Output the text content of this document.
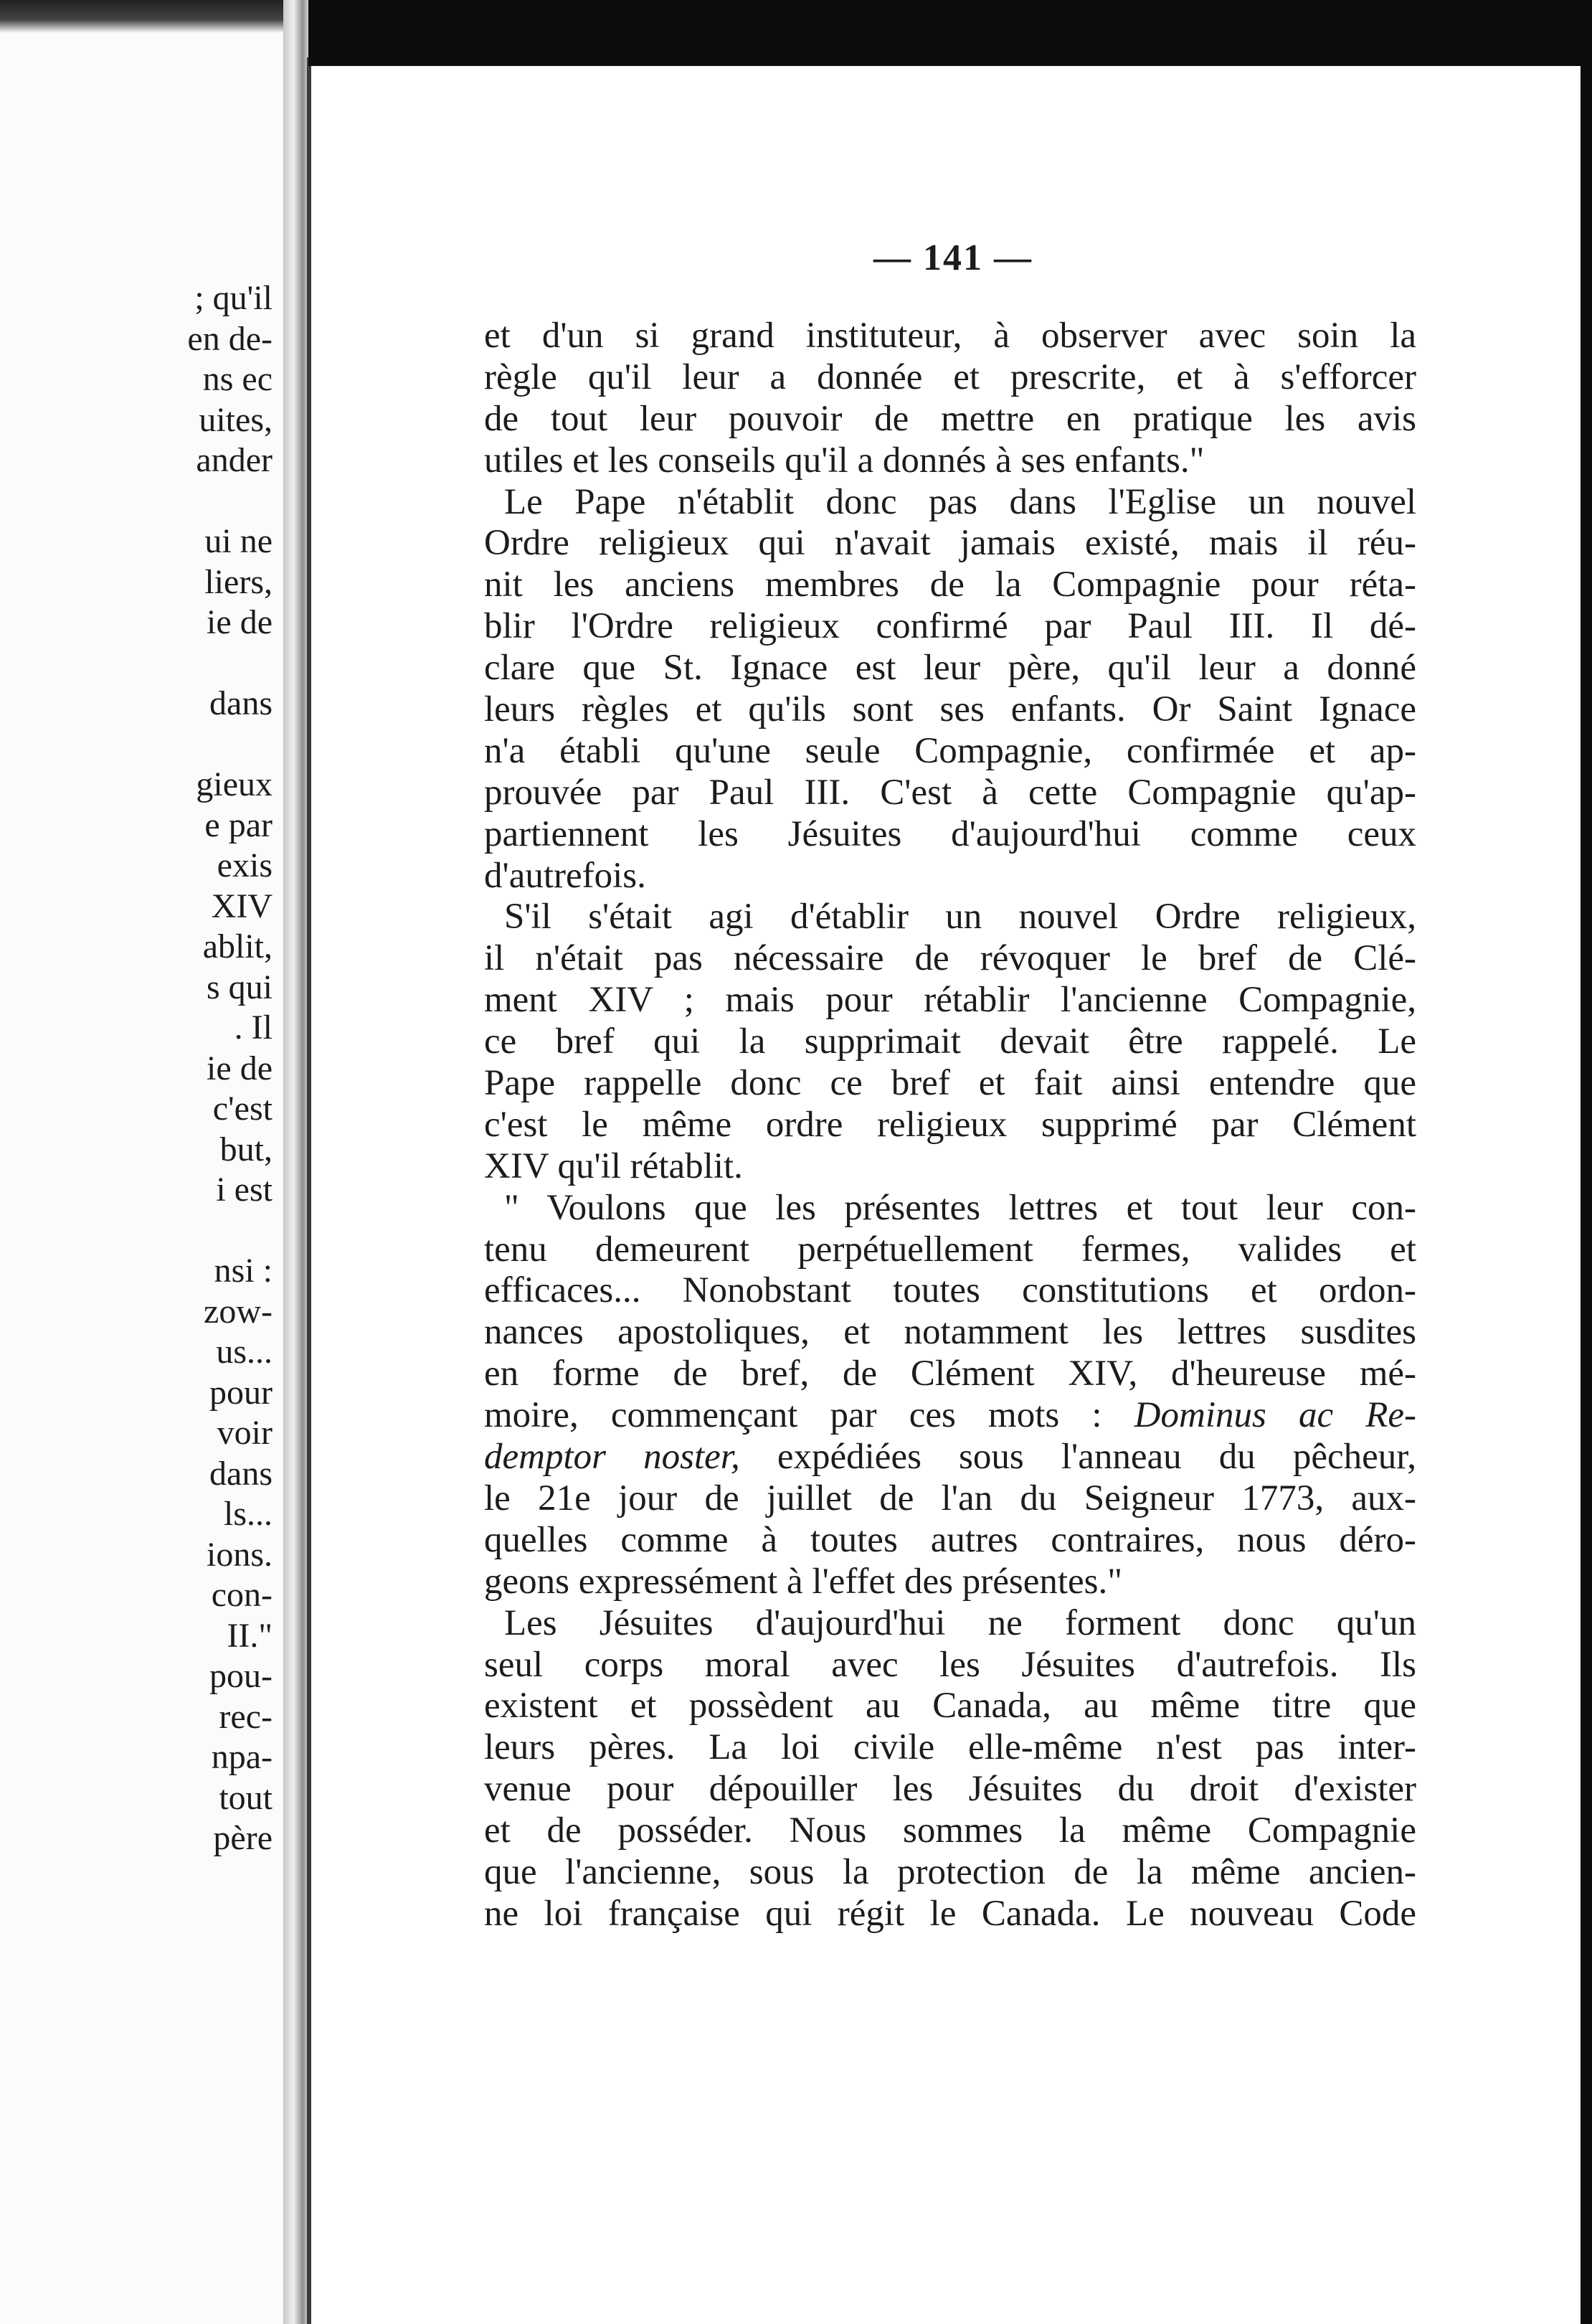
; qu'il
en de-
ns ec
uites,
ander
ui ne
liers,
ie de
dans
gieux
e par
exis
XIV
ablit,
s qui
. Il
ie de
c'est
but,
i est
nsi :
zow-
us...
pour
voir
dans
ls...
ions.
con-
II."
pou-
rec-
npa-
tout
père
— 141 —
et d'un si grand instituteur, à observer avec soin la
règle qu'il leur a donnée et prescrite, et à s'efforcer
de tout leur pouvoir de mettre en pratique les avis
utiles et les conseils qu'il a donnés à ses enfants."
Le Pape n'établit donc pas dans l'Eglise un nouvel
Ordre religieux qui n'avait jamais existé, mais il réu-
nit les anciens membres de la Compagnie pour réta-
blir l'Ordre religieux confirmé par Paul III. Il dé-
clare que St. Ignace est leur père, qu'il leur a donné
leurs règles et qu'ils sont ses enfants. Or Saint Ignace
n'a établi qu'une seule Compagnie, confirmée et ap-
prouvée par Paul III. C'est à cette Compagnie qu'ap-
partiennent les Jésuites d'aujourd'hui comme ceux
d'autrefois.
S'il s'était agi d'établir un nouvel Ordre religieux,
il n'était pas nécessaire de révoquer le bref de Clé-
ment XIV ; mais pour rétablir l'ancienne Compagnie,
ce bref qui la supprimait devait être rappelé. Le
Pape rappelle donc ce bref et fait ainsi entendre que
c'est le même ordre religieux supprimé par Clément
XIV qu'il rétablit.
" Voulons que les présentes lettres et tout leur con-
tenu demeurent perpétuellement fermes, valides et
efficaces... Nonobstant toutes constitutions et ordon-
nances apostoliques, et notamment les lettres susdites
en forme de bref, de Clément XIV, d'heureuse mé-
moire, commençant par ces mots : Dominus ac Re-
demptor noster, expédiées sous l'anneau du pêcheur,
le 21e jour de juillet de l'an du Seigneur 1773, aux-
quelles comme à toutes autres contraires, nous déro-
geons expressément à l'effet des présentes."
Les Jésuites d'aujourd'hui ne forment donc qu'un
seul corps moral avec les Jésuites d'autrefois. Ils
existent et possèdent au Canada, au même titre que
leurs pères. La loi civile elle-même n'est pas inter-
venue pour dépouiller les Jésuites du droit d'exister
et de posséder. Nous sommes la même Compagnie
que l'ancienne, sous la protection de la même ancien-
ne loi française qui régit le Canada. Le nouveau Code
